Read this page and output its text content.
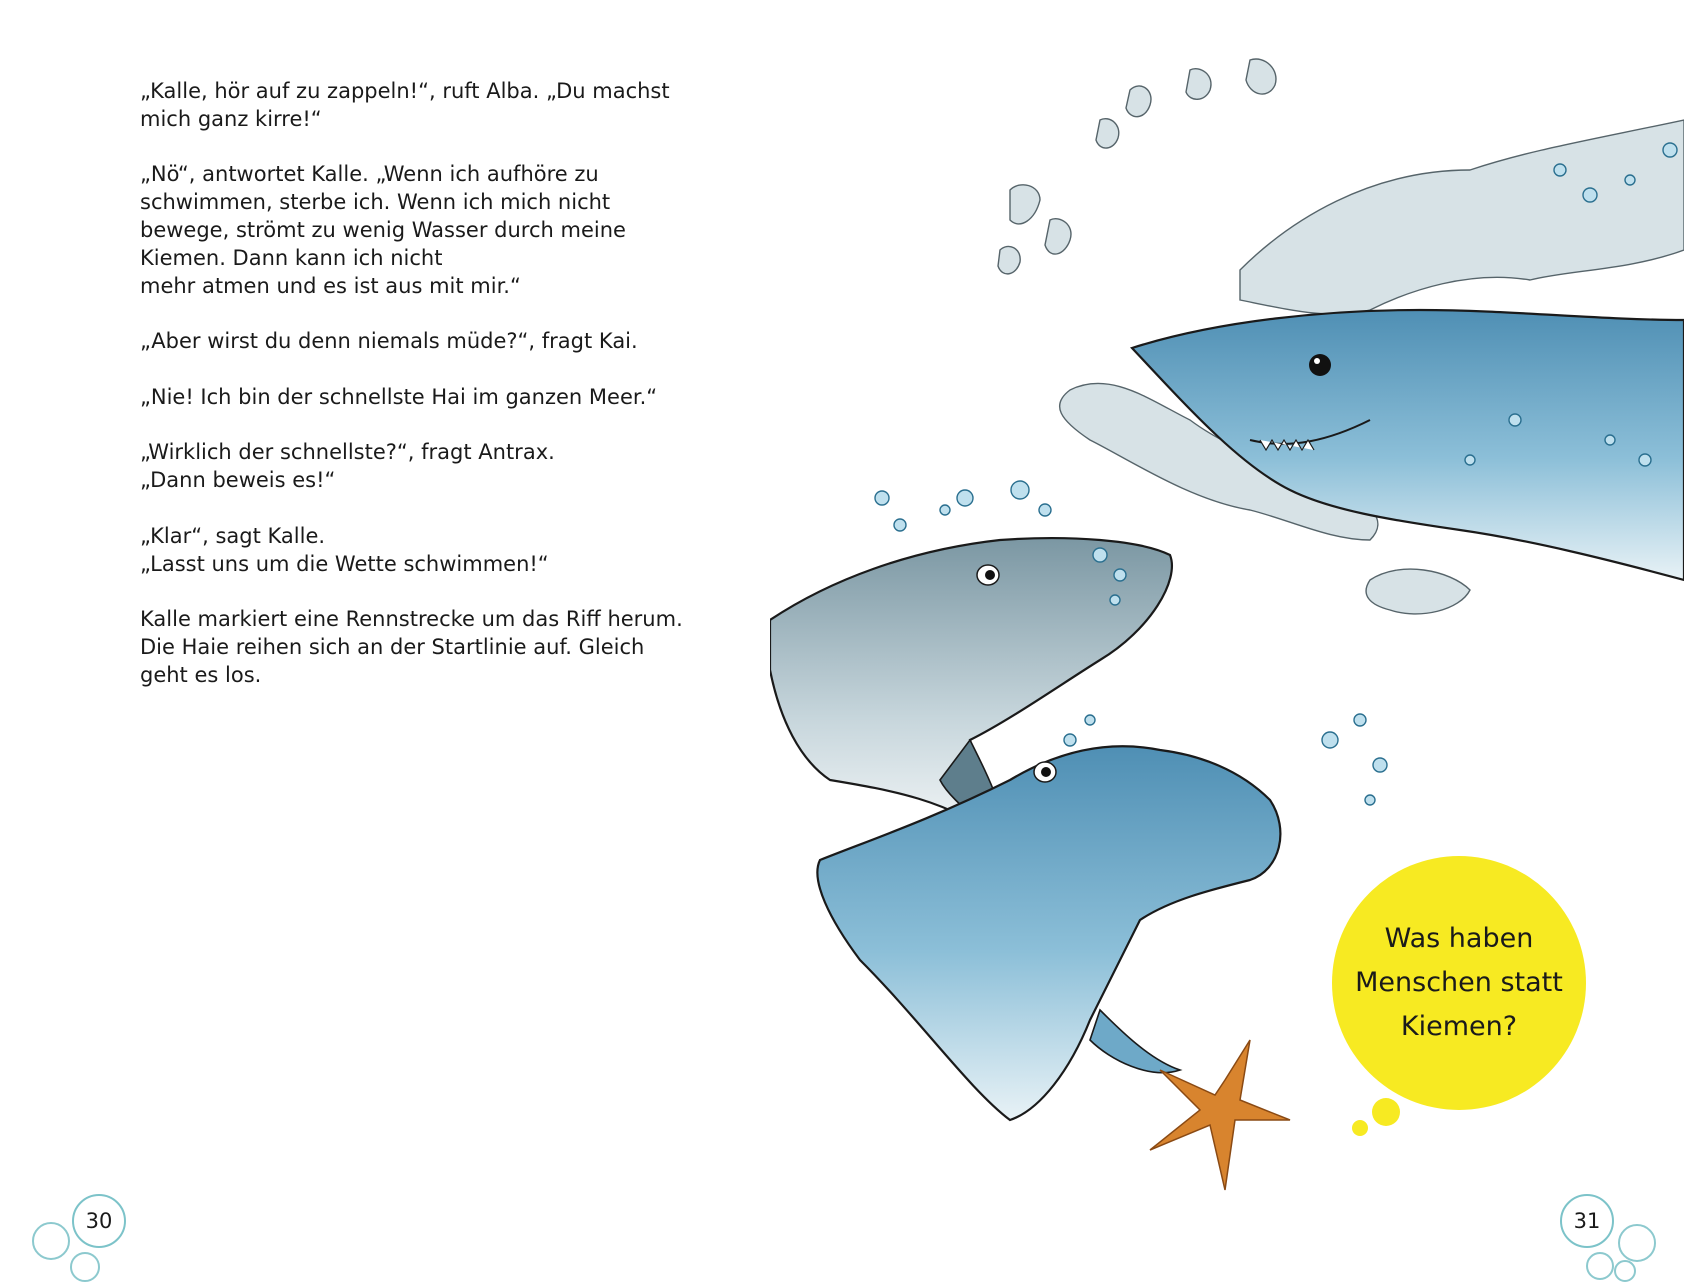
„Kalle, hör auf zu zappeln!“, ruft Alba. „Du machst
mich ganz kirre!“

„Nö“, antwortet Kalle. „Wenn ich aufhöre zu
schwimmen, sterbe ich. Wenn ich mich nicht
bewege, strömt zu wenig Wasser durch meine
Kiemen. Dann kann ich nicht
mehr atmen und es ist aus mit mir.“

„Aber wirst du denn niemals müde?“, fragt Kai.

„Nie! Ich bin der schnellste Hai im ganzen Meer.“

„Wirklich der schnellste?“, fragt Antrax.
„Dann beweis es!“

„Klar“, sagt Kalle.
„Lasst uns um die Wette schwimmen!“

Kalle markiert eine Rennstrecke um das Riff herum.
Die Haie reihen sich an der Startlinie auf. Gleich
geht es los.

Was haben
Menschen statt
Kiemen?
30	31
